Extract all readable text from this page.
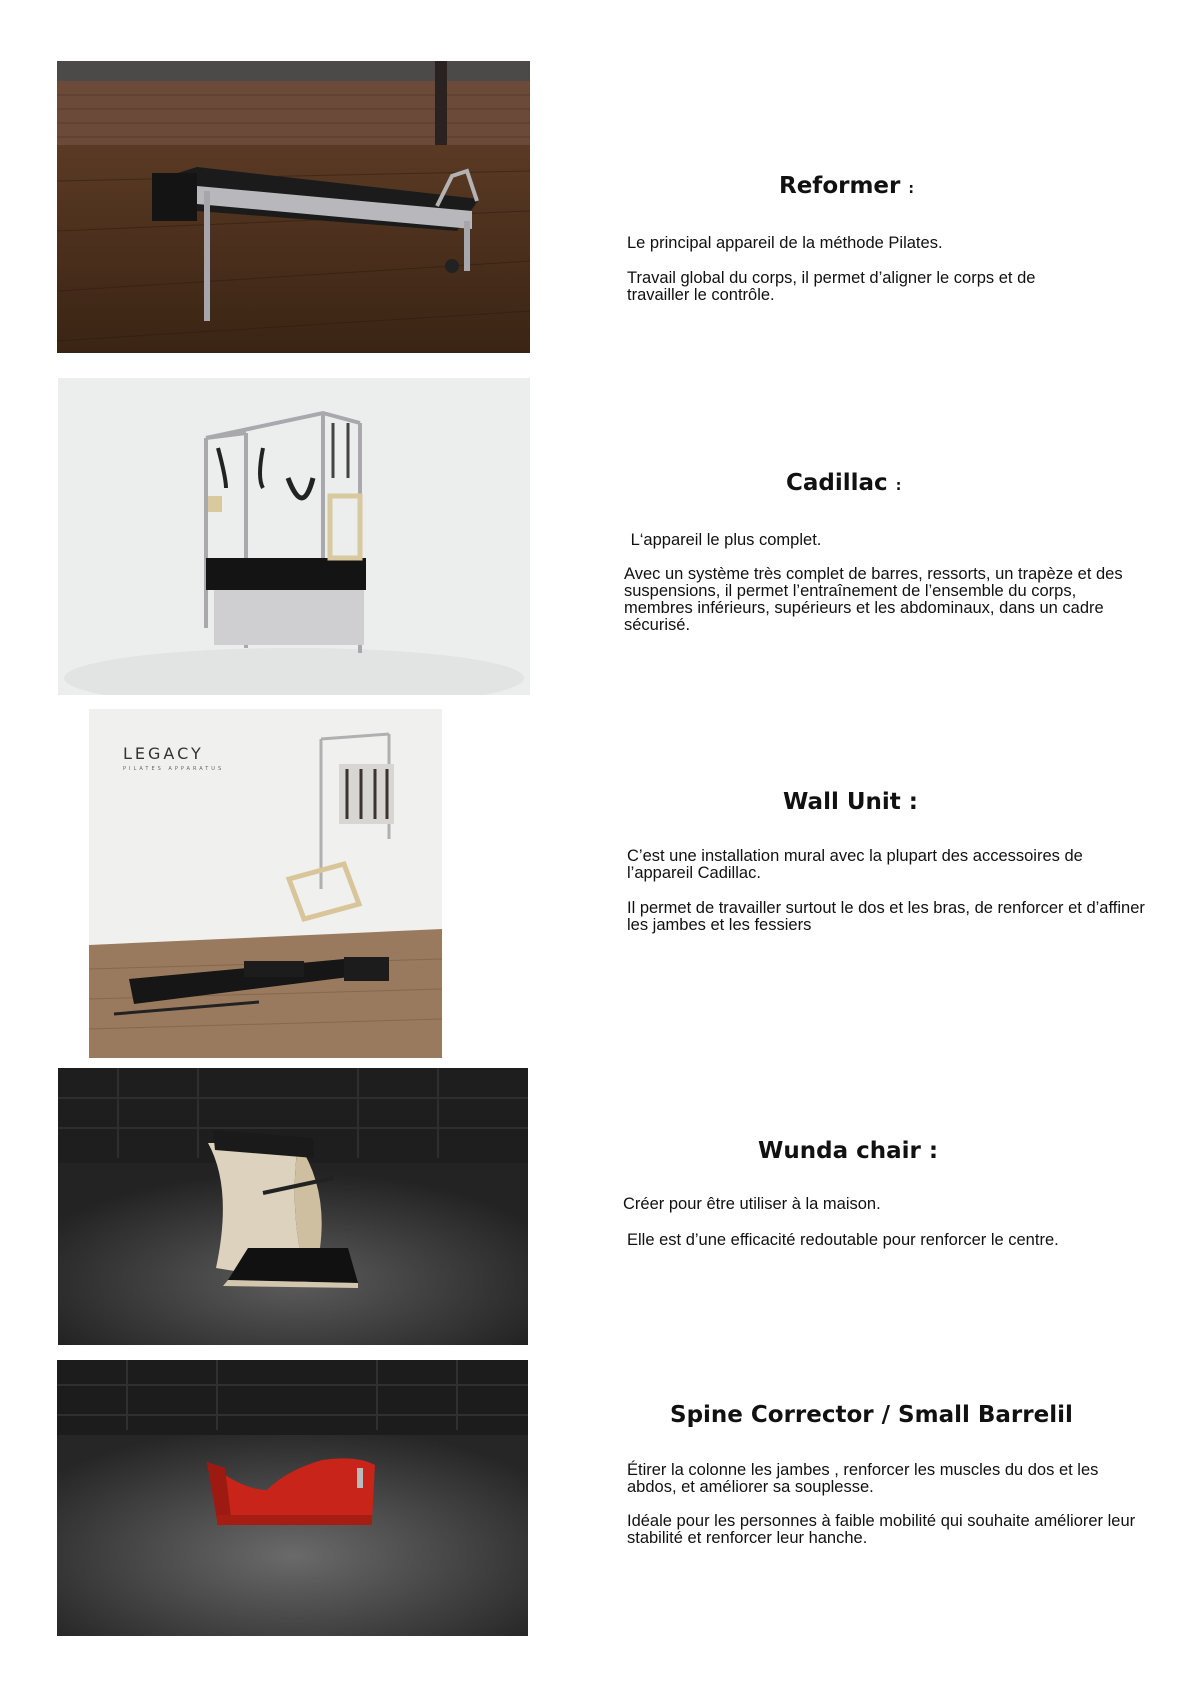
Reformer :

Le principal appareil de la méthode Pilates.

Travail global du corps, il permet d’aligner le corps et de travailler le contrôle.

Cadillac :

L‘appareil le plus complet.

Avec un système très complet de barres, ressorts, un trapèze et des suspensions, il permet l’entraînement de l’ensemble du corps, membres inférieurs, supérieurs et les abdominaux, dans un cadre sécurisé.

LEGACY
PILATES APPARATUS
Wall Unit :

C’est une installation mural avec la plupart des accessoires de l’appareil Cadillac.

Il permet de travailler surtout le dos et les bras, de renforcer et d’affiner les jambes et les fessiers

Wunda chair :

Créer pour être utiliser à la maison.

Elle est d’une efficacité redoutable pour renforcer le centre.

Spine Corrector / Small Barrelil

Étirer la colonne les jambes , renforcer les muscles du dos et les abdos, et améliorer sa souplesse.

Idéale pour les personnes à faible mobilité qui souhaite améliorer leur stabilité et renforcer leur hanche.
